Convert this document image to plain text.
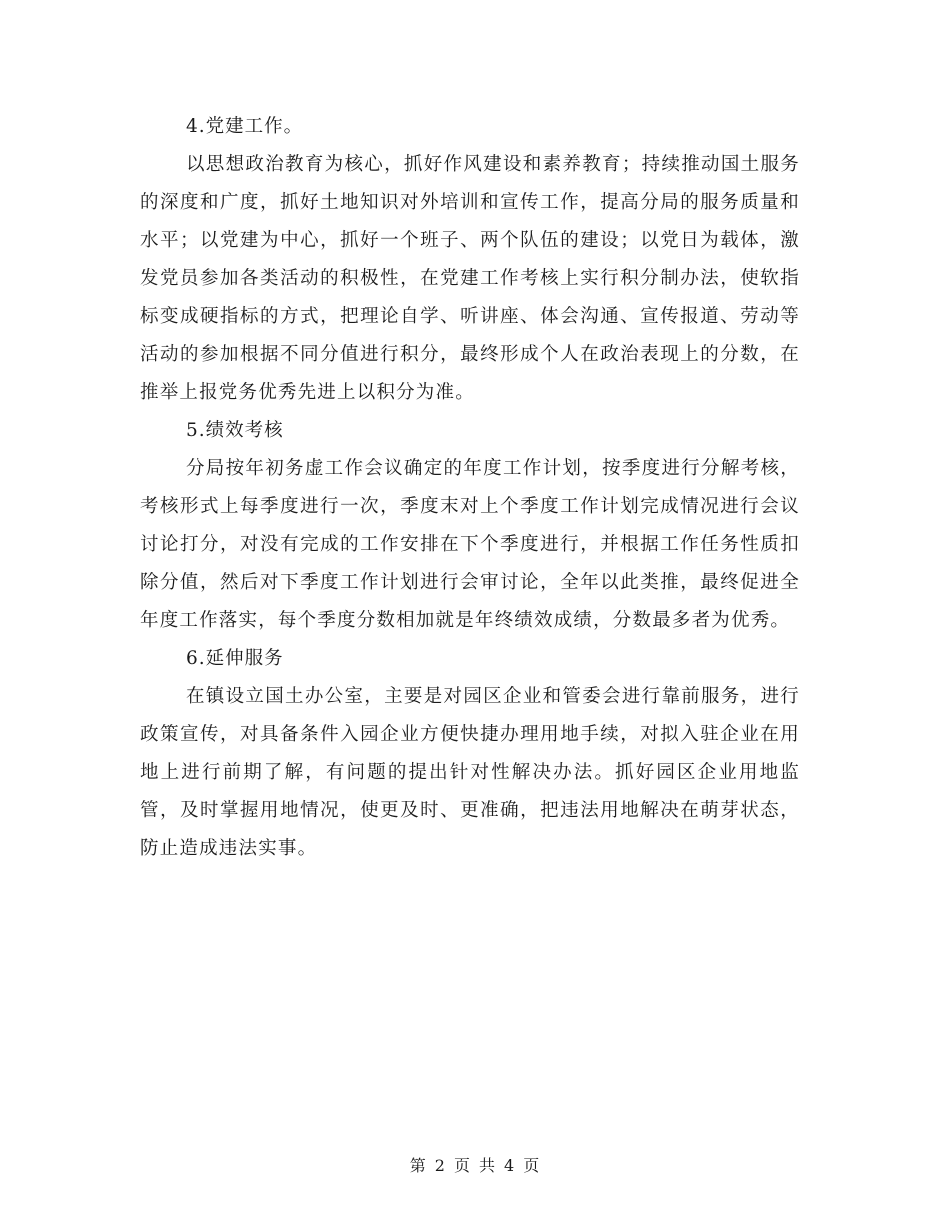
4.党建工作。
以思想政治教育为核心，抓好作风建设和素养教育；持续推动国土服务的深度和广度，抓好土地知识对外培训和宣传工作，提高分局的服务质量和水平；以党建为中心，抓好一个班子、两个队伍的建设；以党日为载体，激发党员参加各类活动的积极性，在党建工作考核上实行积分制办法，使软指标变成硬指标的方式，把理论自学、听讲座、体会沟通、宣传报道、劳动等活动的参加根据不同分值进行积分，最终形成个人在政治表现上的分数，在推举上报党务优秀先进上以积分为准。
5.绩效考核
分局按年初务虚工作会议确定的年度工作计划，按季度进行分解考核，考核形式上每季度进行一次，季度末对上个季度工作计划完成情况进行会议讨论打分，对没有完成的工作安排在下个季度进行，并根据工作任务性质扣除分值，然后对下季度工作计划进行会审讨论，全年以此类推，最终促进全年度工作落实，每个季度分数相加就是年终绩效成绩，分数最多者为优秀。
6.延伸服务
在镇设立国土办公室，主要是对园区企业和管委会进行靠前服务，进行政策宣传，对具备条件入园企业方便快捷办理用地手续，对拟入驻企业在用地上进行前期了解，有问题的提出针对性解决办法。抓好园区企业用地监管，及时掌握用地情况，使更及时、更准确，把违法用地解决在萌芽状态，防止造成违法实事。
第 2 页 共 4 页
